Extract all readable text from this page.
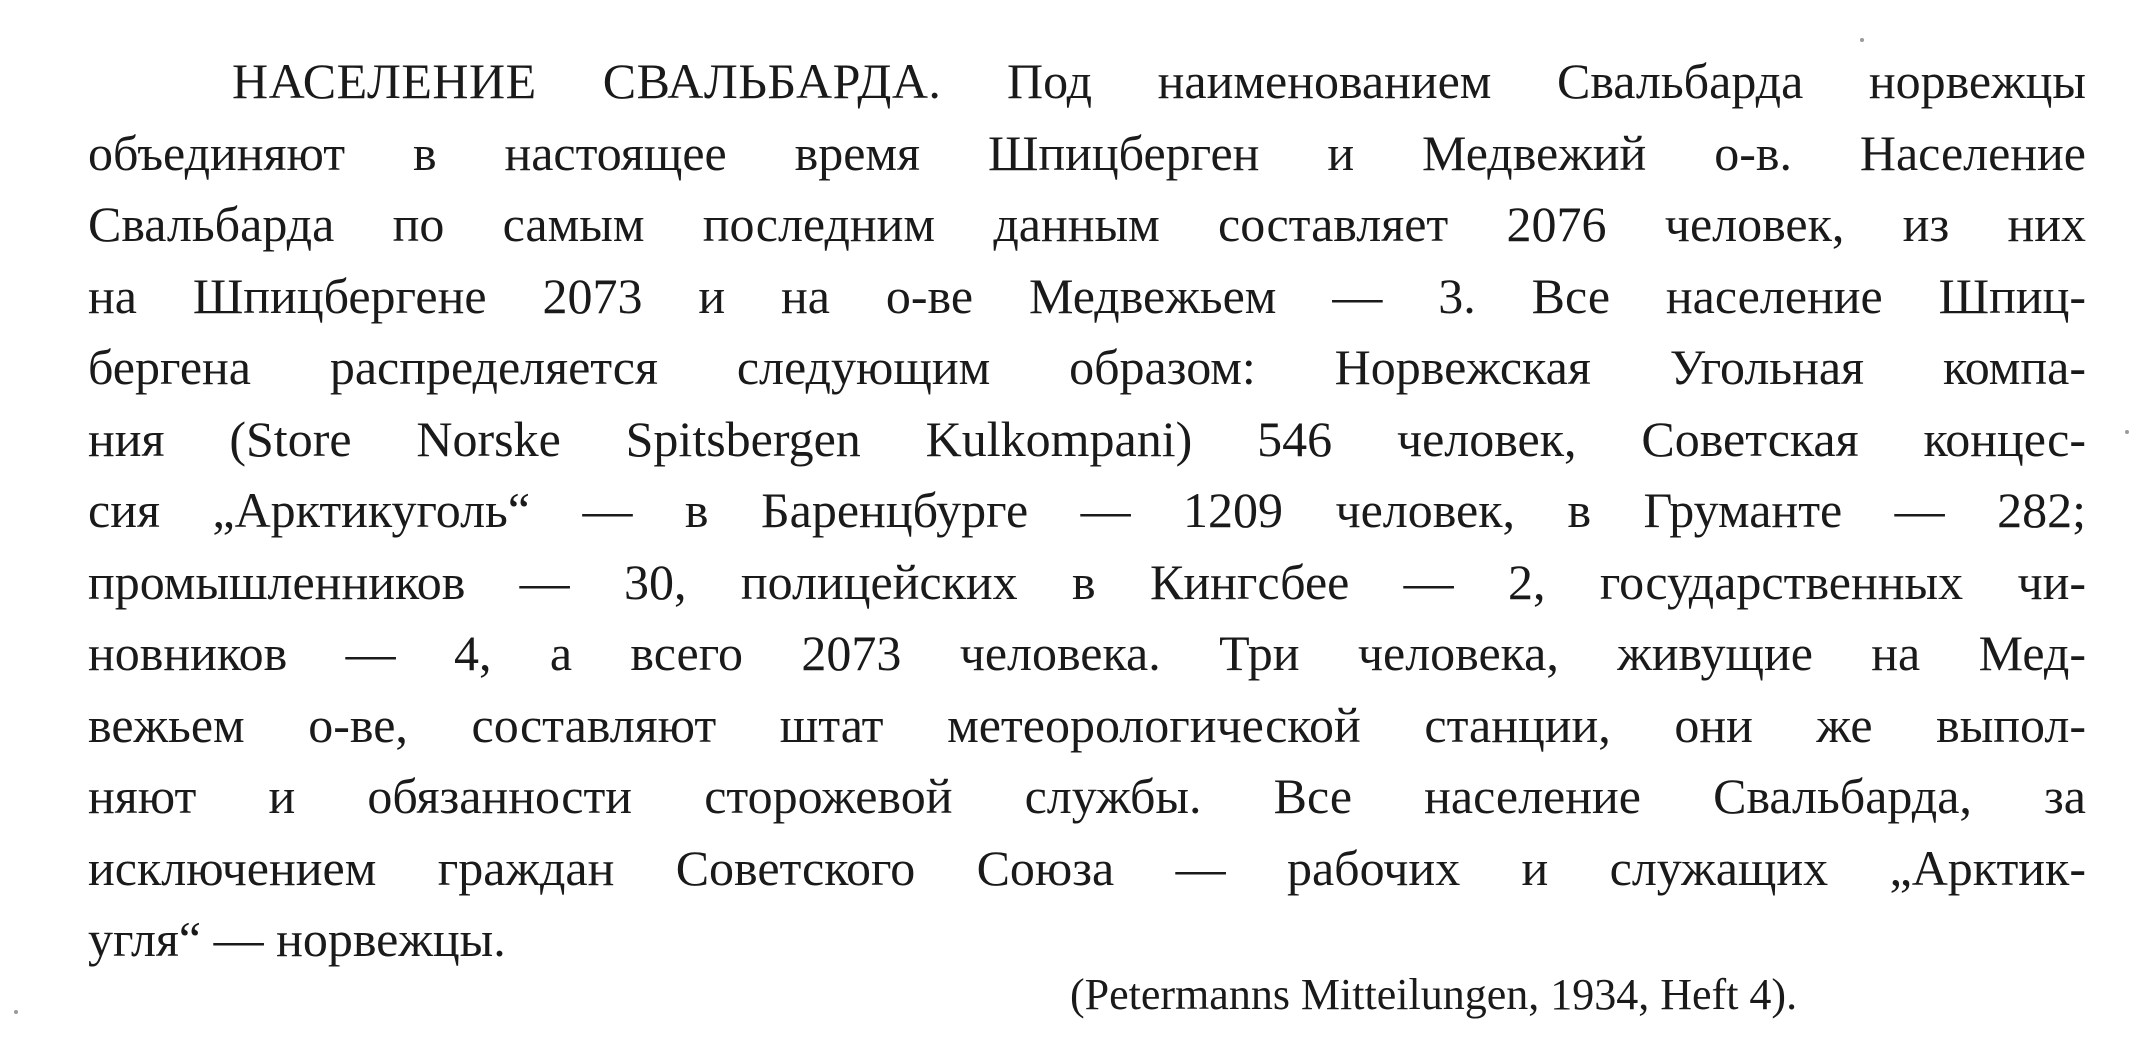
НАСЕЛЕНИЕ СВАЛЬБАРДА. Под наименованием Свальбарда норвежцы
объединяют в настоящее время Шпицберген и Медвежий о-в. Население
Свальбарда по самым последним данным составляет 2076 человек, из них
на Шпицбергене 2073 и на о-ве Медвежьем — 3. Все население Шпиц-
бергена распределяется следующим образом: Норвежская Угольная компа-
ния (Store Norske Spitsbergen Kulkompani) 546 человек, Советская концес-
сия „Арктикуголь“ — в Баренцбурге — 1209 человек, в Груманте — 282;
промышленников — 30, полицейских в Кингсбее — 2, государственных чи-
новников — 4, а всего 2073 человека. Три человека, живущие на Мед-
вежьем о-ве, составляют штат метеорологической станции, они же выпол-
няют и обязанности сторожевой службы. Все население Свальбарда, за
исключением граждан Советского Союза — рабочих и служащих „Арктик-
угля“ — норвежцы.
(Petermanns Mitteilungen, 1934, Heft 4).
